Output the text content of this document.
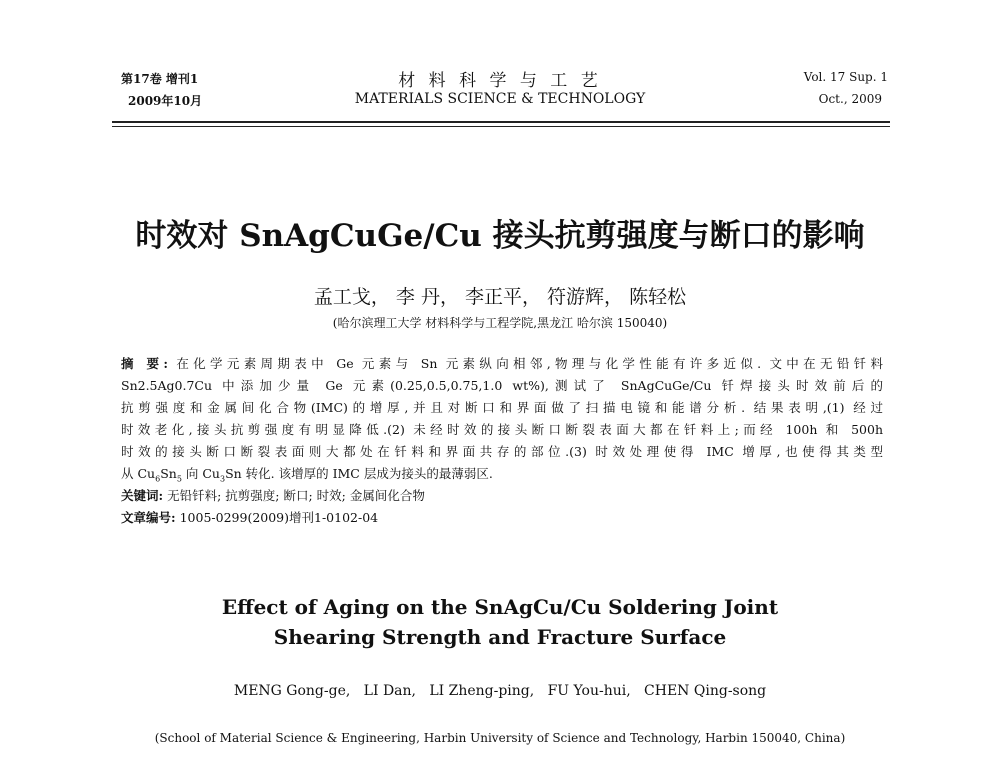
第17卷 增刊1
2009年10月
材 料 科 学 与 工 艺
MATERIALS SCIENCE & TECHNOLOGY
Vol. 17 Sup. 1
Oct., 2009
时效对 SnAgCuGe/Cu 接头抗剪强度与断口的影响
孟工戈， 李 丹， 李正平， 符游辉， 陈轻松
(哈尔滨理工大学 材料科学与工程学院,黑龙江 哈尔滨 150040)
摘 要: 在化学元素周期表中 Ge 元素与 Sn 元素纵向相邻,物理与化学性能有许多近似. 文中在无铅钎料
Sn2.5Ag0.7Cu 中添加少量 Ge 元素(0.25,0.5,0.75,1.0 wt%),测试了 SnAgCuGe/Cu 钎焊接头时效前后的
抗剪强度和金属间化合物(IMC)的增厚,并且对断口和界面做了扫描电镜和能谱分析. 结果表明,(1) 经过
时效老化,接头抗剪强度有明显降低.(2) 未经时效的接头断口断裂表面大都在钎料上;而经 100h 和 500h
时效的接头断口断裂表面则大都处在钎料和界面共存的部位.(3) 时效处理使得 IMC 增厚,也使得其类型
从 $Cu_6Sn_5$ 向 $Cu_3Sn$ 转化. 该增厚的 IMC 层成为接头的最薄弱区.
关键词: 无铅钎料; 抗剪强度; 断口; 时效; 金属间化合物
文章编号: 1005-0299(2009)增刊1-0102-04
Effect of Aging on the SnAgCu/Cu Soldering Joint
Shearing Strength and Fracture Surface
MENG Gong-ge,   LI Dan,   LI Zheng-ping,   FU You-hui,   CHEN Qing-song
(School of Material Science & Engineering, Harbin University of Science and Technology, Harbin 150040, China)
